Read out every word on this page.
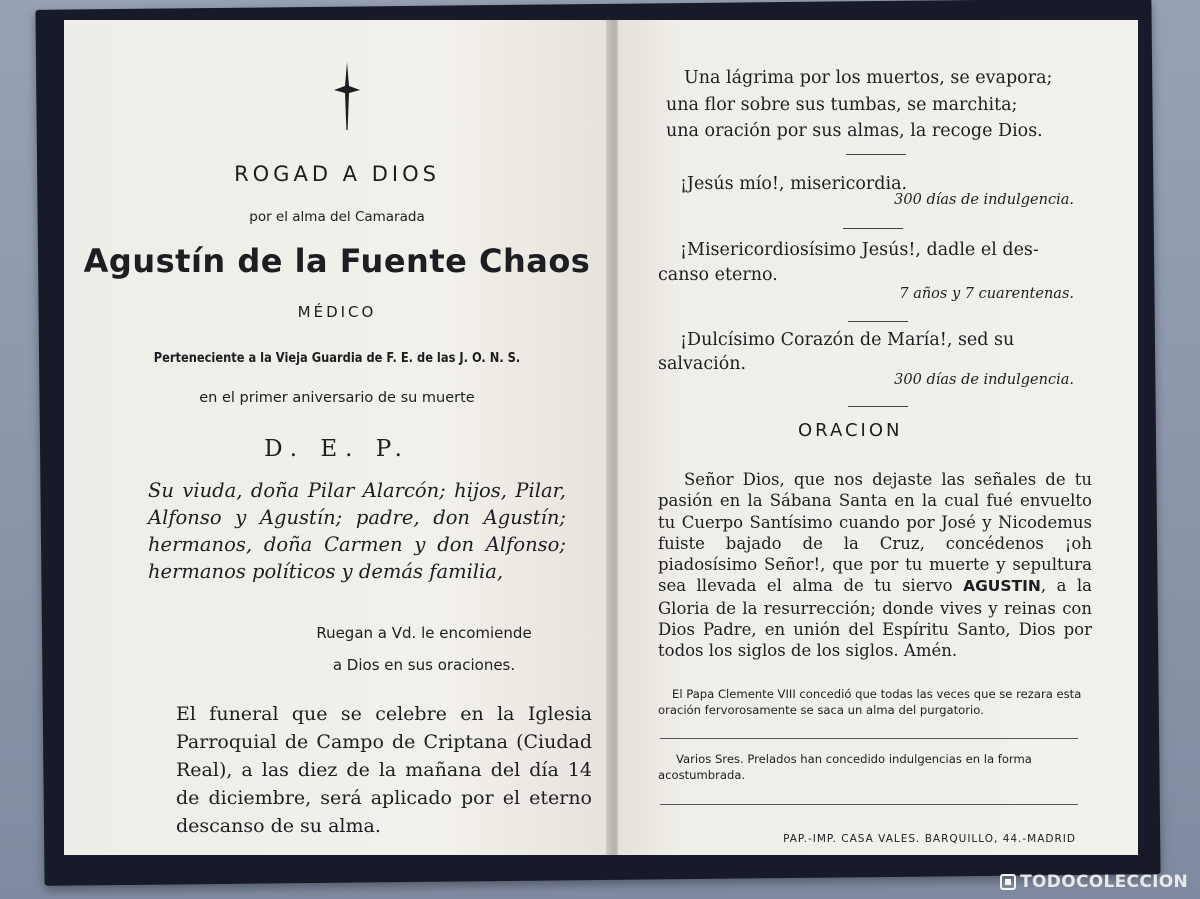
ROGAD A DIOS
por el alma del Camarada
Agustín de la Fuente Chaos
MÉDICO
Perteneciente a la Vieja Guardia de F. E. de las J. O. N. S.
en el primer aniversario de su muerte
D. E. P.
Su viuda, doña Pilar Alarcón; hijos, Pilar, Alfonso y Agustín; padre, don Agustín; hermanos, doña Carmen y don Alfonso; hermanos políticos y demás familia,
Ruegan a Vd. le encomiende
a Dios en sus oraciones.
El funeral que se celebre en la Iglesia Parroquial de Campo de Criptana (Ciudad Real), a las diez de la mañana del día 14 de diciembre, será aplicado por el eterno descanso de su alma.
Una lágrima por los muertos, se evapora;
una flor sobre sus tumbas, se marchita;
una oración por sus almas, la recoge Dios.
¡Jesús mío!, misericordia.
300 días de indulgencia.
¡Misericordiosísimo Jesús!, dadle el des-
canso eterno.
7 años y 7 cuarentenas.
¡Dulcísimo Corazón de María!, sed su
salvación.
300 días de indulgencia.
ORACION
Señor Dios, que nos dejaste las señales de tu pasión en la Sábana Santa en la cual fué envuelto tu Cuerpo Santísimo cuando por José y Nicodemus fuiste bajado de la Cruz, concédenos ¡oh piadosísimo Señor!, que por tu muerte y sepultura sea llevada el alma de tu siervo AGUSTIN, a la Gloria de la resurrección; donde vives y reinas con Dios Padre, en unión del Espíritu Santo, Dios por todos los siglos de los siglos. Amén.
El Papa Clemente VIII concedió que todas las veces que se rezara esta oración fervorosamente se saca un alma del purgatorio.
Varios Sres. Prelados han concedido indulgencias en la forma acostumbrada.
PAP.-IMP. CASA VALES. BARQUILLO, 44.-MADRID
TODOCOLECCION
